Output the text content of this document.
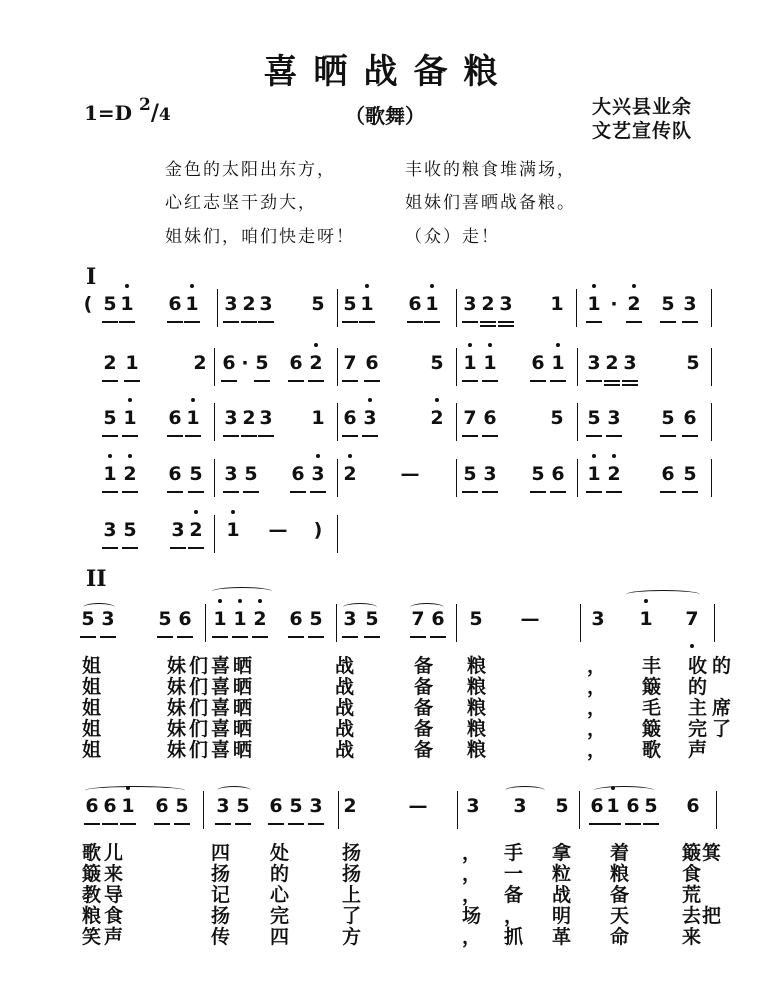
喜晒战备粮
1=D $^2$/4	（歌舞）	大兴县业余
文艺宣传队
金色的太阳出东方，	丰收的粮食堆满场，
心红志坚干劲大，	姐妹们喜晒战备粮。
姐妹们，咱们快走呀！	（众）走！
I
II
( 5 1 6 1 3 2 3 5 5 1 6 1 3 2 3 1 1 · 2 5 3
2 1	2 6 · 5 6 2 7 6	5 1 1 6 1 3 2 3	5
5 1 6 1 3 2 3 1 6 3	2 7 6	5 5 3 5 6
1 2 6 5 3 5 6 3 2 — 5 3 5 6 1 2 6 5
3 5 3 2 1 — )
5 3 5 6 1 1 2 6 5 3 5 7 6 5 —	3 1 7
6 6 1 6 5 3 5 6 5 3 2	— 3 3 5 6 1 6 5 6
姐	妹 们 喜 晒	战	备 粮	， 丰 收 的
姐	妹 们 喜 晒	战	备 粮	， 簸 的
姐	妹 们 喜 晒	战	备 粮	， 毛 主 席
姐	妹 们 喜 晒	战	备 粮	， 簸 完 了
姐	妹 们 喜 晒	战	备 粮	， 歌 声
歌 儿	四 处	扬	， 手 拿 着	簸 箕
簸 来	扬 的	扬	， 一 粒 粮	食
教 导	记 心	上	， 备 战 备	荒
粮 食	扬 完	了	场 ， 明 天	去 把
笑 声	传 四	方	， 抓 革 命	来
